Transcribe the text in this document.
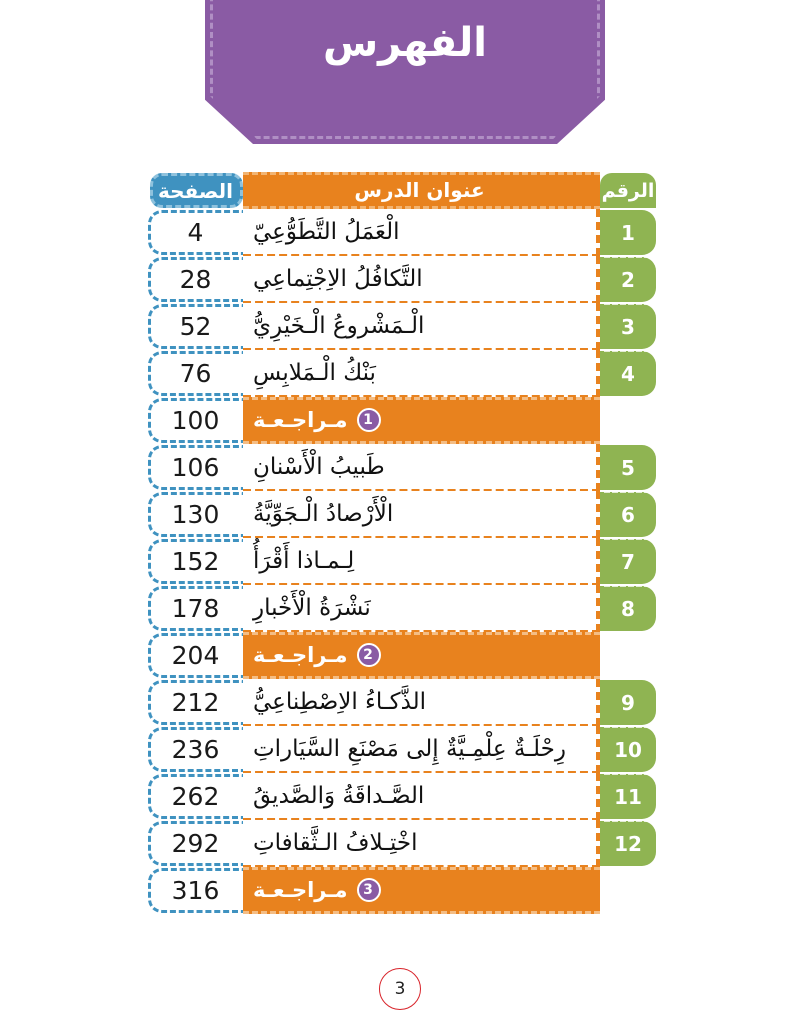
الفهرس
الصفحة	عنوان الدرس	الرقم
4 الْعَمَلُ التَّطَوُّعِيّ	1
28 التَّكافُلُ الاِجْتِماعِي	2
52 الْـمَشْروعُ الْـخَيْرِيُّ	3
76 بَنْكُ الْـمَلابِسِ	4
100 مـراجـعـة	1
106 طَبيبُ الْأَسْنانِ	5
130 الْأَرْصادُ الْـجَوِّيَّةُ	6
152 لِـمـاذا أَقْرَأُ	7
178 نَشْرَةُ الْأَخْبارِ	8
204 مـراجـعـة	2
212 الذَّكـاءُ الاِصْطِناعِيُّ	9
236 رِحْلَـةٌ عِلْمِـيَّةٌ إِلى مَصْنَعِ السَّيَاراتِ 10
262 الصَّـداقَةُ وَالصَّديقُ	11
292 اخْتِـلافُ الـثَّقافاتِ	12
316 مـراجـعـة	3
3
